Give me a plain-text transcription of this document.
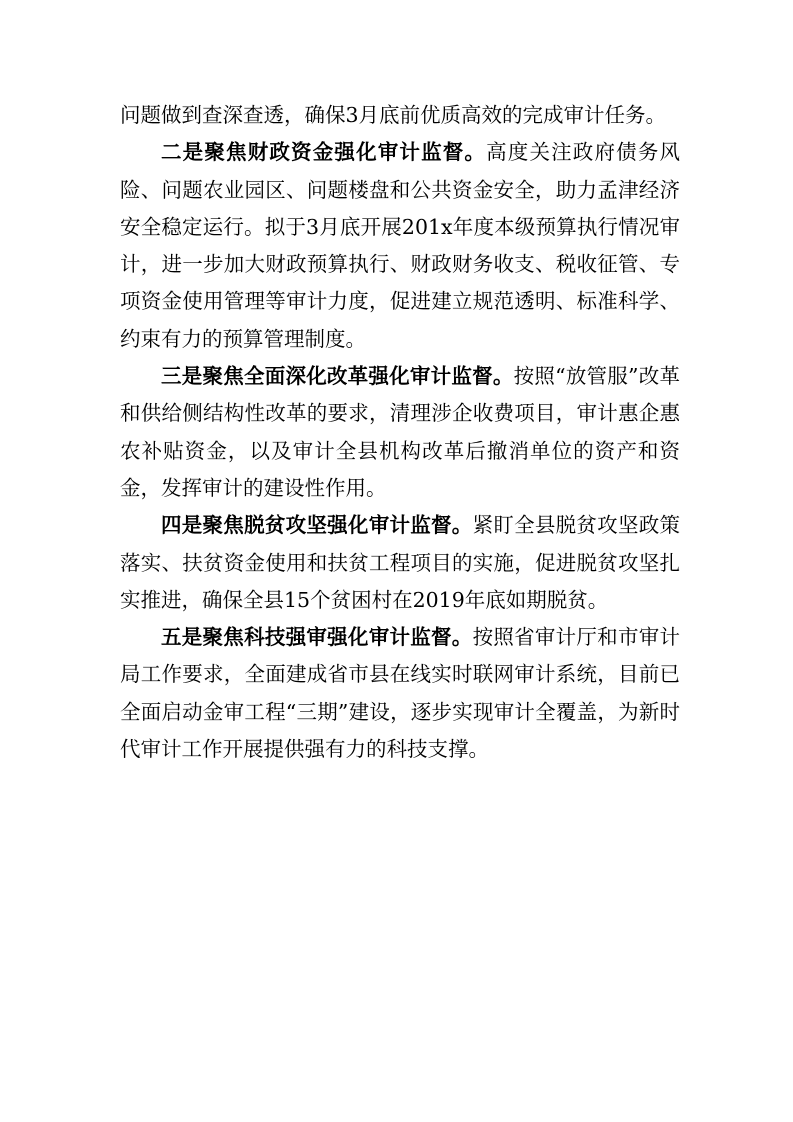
问题做到查深查透，确保3月底前优质高效的完成审计任务。

二是聚焦财政资金强化审计监督。高度关注政府债务风险、问题农业园区、问题楼盘和公共资金安全，助力孟津经济安全稳定运行。拟于3月底开展201x年度本级预算执行情况审计，进一步加大财政预算执行、财政财务收支、税收征管、专项资金使用管理等审计力度，促进建立规范透明、标准科学、约束有力的预算管理制度。

三是聚焦全面深化改革强化审计监督。按照“放管服”改革和供给侧结构性改革的要求，清理涉企收费项目，审计惠企惠农补贴资金，以及审计全县机构改革后撤消单位的资产和资金，发挥审计的建设性作用。

四是聚焦脱贫攻坚强化审计监督。紧盯全县脱贫攻坚政策落实、扶贫资金使用和扶贫工程项目的实施，促进脱贫攻坚扎实推进，确保全县15个贫困村在2019年底如期脱贫。

五是聚焦科技强审强化审计监督。按照省审计厅和市审计局工作要求，全面建成省市县在线实时联网审计系统，目前已全面启动金审工程“三期”建设，逐步实现审计全覆盖，为新时代审计工作开展提供强有力的科技支撑。
